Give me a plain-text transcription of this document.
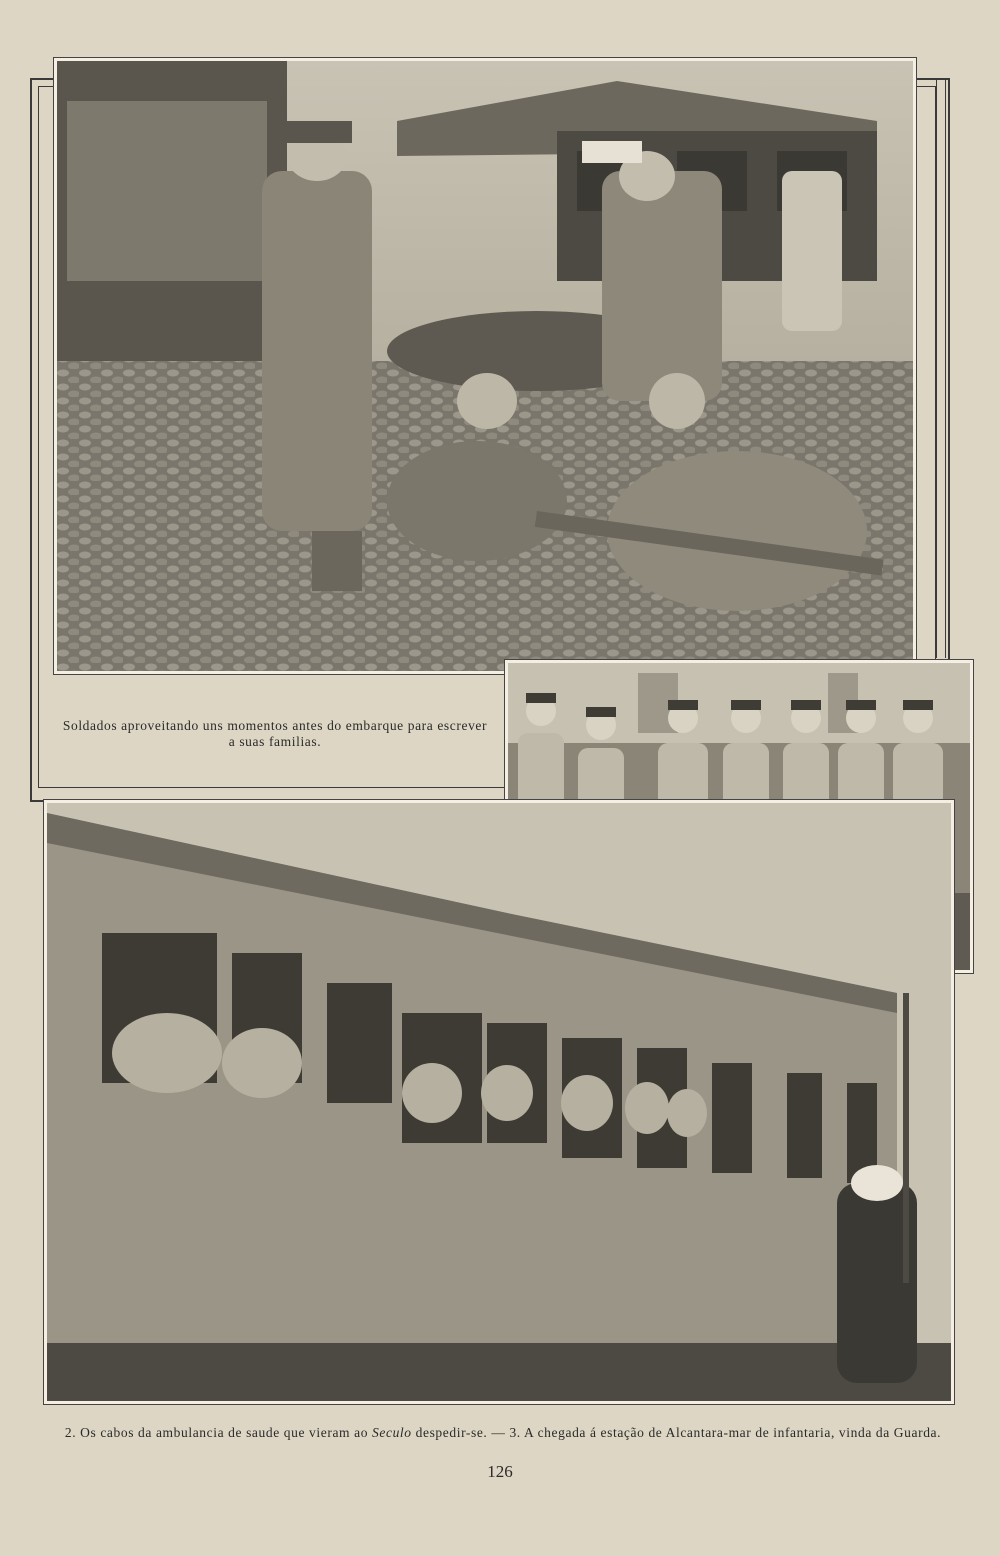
Soldados aproveitando uns momentos antes do embarque para escrever a suas familias.
2. Os cabos da ambulancia de saude que vieram ao Seculo despedir-se. — 3. A chegada á estação de Alcantara-mar de infantaria, vinda da Guarda.
126
